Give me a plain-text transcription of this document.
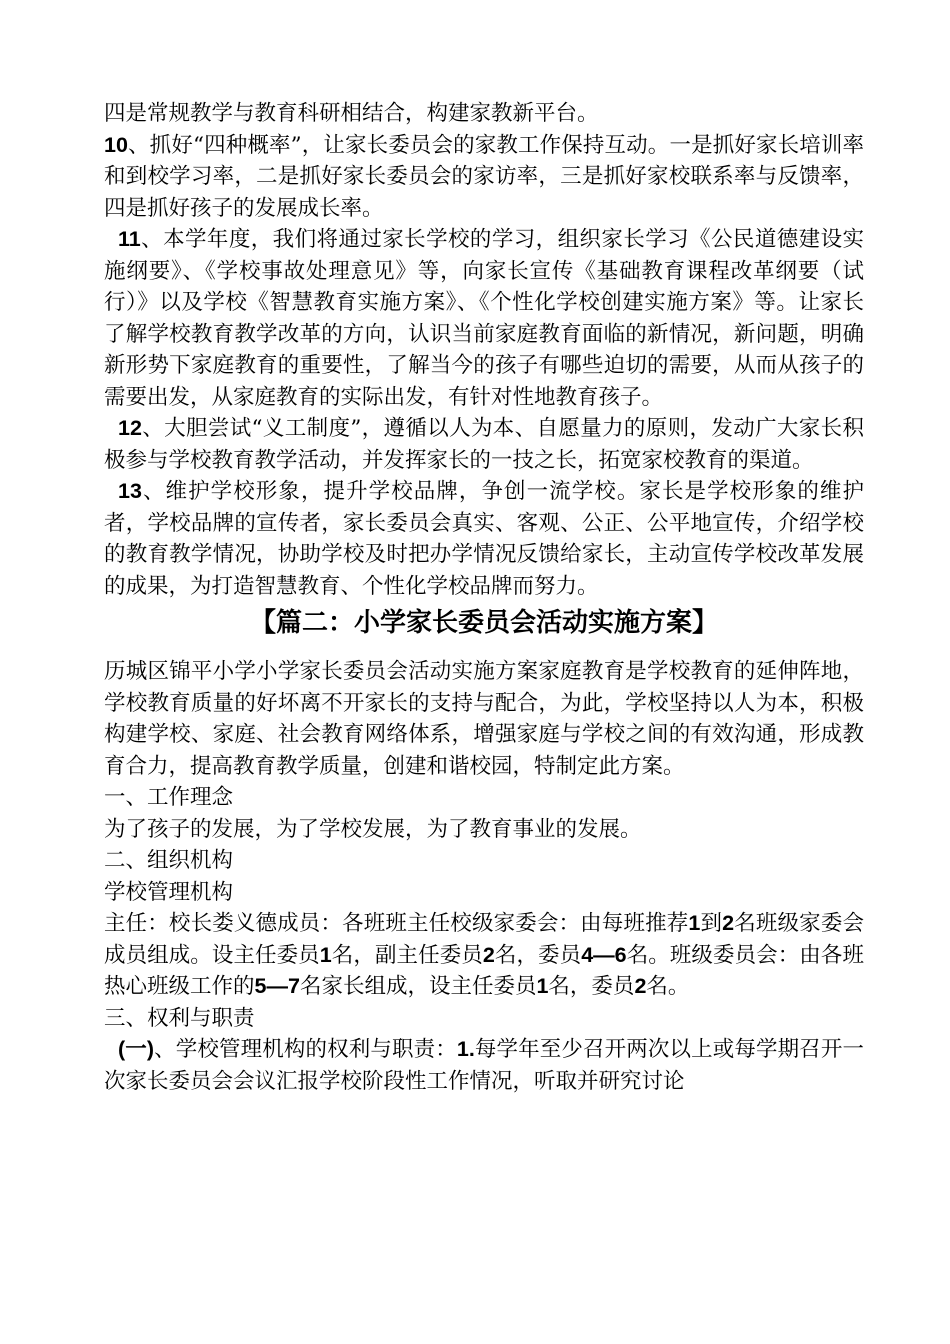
四是常规教学与教育科研相结合，构建家教新平台。

10、抓好“四种概率”，让家长委员会的家教工作保持互动。一是抓好家长培训率和到校学习率，二是抓好家长委员会的家访率，三是抓好家校联系率与反馈率，四是抓好孩子的发展成长率。

11、本学年度，我们将通过家长学校的学习，组织家长学习《公民道德建设实施纲要》、《学校事故处理意见》等，向家长宣传《基础教育课程改革纲要（试行）》以及学校《智慧教育实施方案》、《个性化学校创建实施方案》等。让家长了解学校教育教学改革的方向，认识当前家庭教育面临的新情况，新问题，明确新形势下家庭教育的重要性，了解当今的孩子有哪些迫切的需要，从而从孩子的需要出发，从家庭教育的实际出发，有针对性地教育孩子。

12、大胆尝试“义工制度”，遵循以人为本、自愿量力的原则，发动广大家长积极参与学校教育教学活动，并发挥家长的一技之长，拓宽家校教育的渠道。

13、维护学校形象，提升学校品牌，争创一流学校。家长是学校形象的维护者，学校品牌的宣传者，家长委员会真实、客观、公正、公平地宣传，介绍学校的教育教学情况，协助学校及时把办学情况反馈给家长，主动宣传学校改革发展的成果，为打造智慧教育、个性化学校品牌而努力。

【篇二：小学家长委员会活动实施方案】

历城区锦平小学小学家长委员会活动实施方案家庭教育是学校教育的延伸阵地，学校教育质量的好坏离不开家长的支持与配合，为此，学校坚持以人为本，积极构建学校、家庭、社会教育网络体系，增强家庭与学校之间的有效沟通，形成教育合力，提高教育教学质量，创建和谐校园，特制定此方案。

一、工作理念

为了孩子的发展，为了学校发展，为了教育事业的发展。

二、组织机构

学校管理机构

主任：校长娄义德成员：各班班主任校级家委会：由每班推荐1到2名班级家委会成员组成。设主任委员1名，副主任委员2名，委员4—6名。班级委员会：由各班热心班级工作的5—7名家长组成，设主任委员1名，委员2名。

三、权利与职责

(一)、学校管理机构的权利与职责：1.每学年至少召开两次以上或每学期召开一次家长委员会会议汇报学校阶段性工作情况，听取并研究讨论
